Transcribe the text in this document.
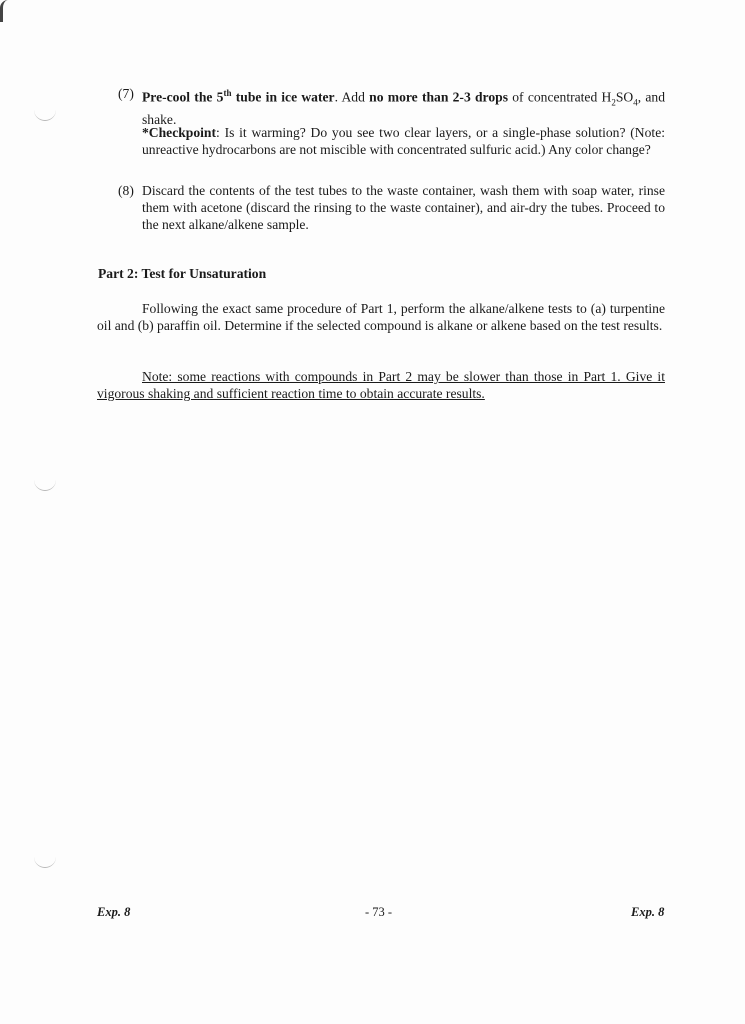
(7) Pre-cool the 5th tube in ice water. Add no more than 2-3 drops of concentrated $H_2SO_4$, and shake.
*Checkpoint: Is it warming? Do you see two clear layers, or a single-phase solution? (Note: unreactive hydrocarbons are not miscible with concentrated sulfuric acid.) Any color change?
(8) Discard the contents of the test tubes to the waste container, wash them with soap water, rinse them with acetone (discard the rinsing to the waste container), and air-dry the tubes. Proceed to the next alkane/alkene sample.
Part 2: Test for Unsaturation
Following the exact same procedure of Part 1, perform the alkane/alkene tests to (a) turpentine oil and (b) paraffin oil. Determine if the selected compound is alkane or alkene based on the test results.
Note: some reactions with compounds in Part 2 may be slower than those in Part 1. Give it vigorous shaking and sufficient reaction time to obtain accurate results.
Exp. 8	- 73 -	Exp. 8
